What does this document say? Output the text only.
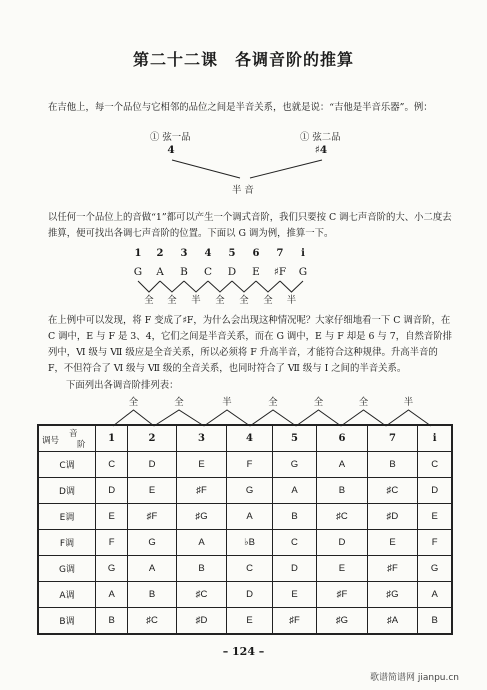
第二十二课　各调音阶的推算
在吉他上，每一个品位与它相邻的品位之间是半音关系，也就是说：“吉他是半音乐器”。例：
① 弦一品	① 弦二品
4	♯4
半 音
以任何一个品位上的音做“1”都可以产生一个调式音阶，我们只要按 C 调七声音阶的大、小二度去推算，便可找出各调七声音阶的位置。下面以 G 调为例，推算一下。
1	2	3	4	5	6	7	i
G	A	B	C	D	E	♯F	G
全	全	半	全	全	全	半
在上例中可以发现，将 F 变成了♯F，为什么会出现这种情况呢？大家仔细地看一下 C 调音阶，在 C 调中，E 与 F 是 3、4，它们之间是半音关系，而在 G 调中，E 与 F 却是 6 与 7，自然音阶排列中，Ⅵ 级与 Ⅶ 级应是全音关系，所以必须将 F 升高半音，才能符合这种规律。升高半音的 F，不但符合了 Ⅵ 级与 Ⅶ 级的全音关系，也同时符合了 Ⅶ 级与 Ⅰ 之间的半音关系。
下面列出各调音阶排列表：
全	全	半	全	全	全	半
音
阶
调号	1	2	3	4	5	6	7	i
C调	C	D	E	F	G	A	B	C
D调	D	E	♯F	G	A	B	♯C	D
E调	E	♯F	♯G	A	B	♯C	♯D	E
F调	F	G	A	♭B	C	D	E	F
G调	G	A	B	C	D	E	♯F	G
A调	A	B	♯C	D	E	♯F	♯G	A
B调	B	♯C	♯D	E	♯F	♯G	♯A	B
– 124 –
歌谱简谱网 jianpu.cn
